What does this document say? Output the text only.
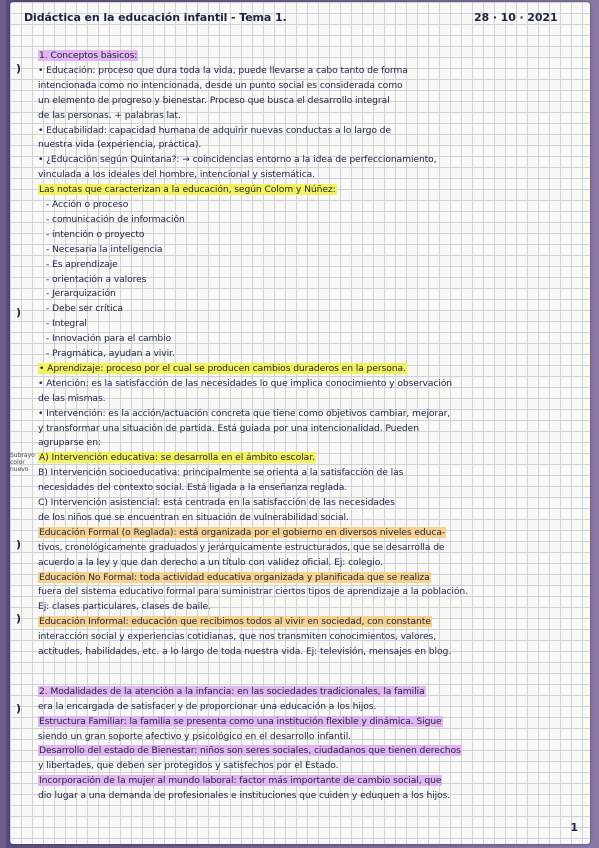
Didáctica en la educación infantil - Tema 1.	28 · 10 · 2021
)
)
)
)
)
Subrayo
color
nuevo
1. Conceptos básicos:
• Educación: proceso que dura toda la vida, puede llevarse a cabo tanto de forma
intencionada como no intencionada, desde un punto social es considerada como
un elemento de progreso y bienestar. Proceso que busca el desarrollo integral
de las personas. + palabras lat.
• Educabilidad: capacidad humana de adquirir nuevas conductas a lo largo de
nuestra vida (experiencia, práctica).
• ¿Educación según Quintana?: → coincidencias entorno a la idea de perfeccionamiento,
vinculada a los ideales del hombre, intencional y sistemática.
Las notas que caracterizan a la educación, según Colom y Núñez:
- Acción o proceso
- comunicación de información
- intención o proyecto
- Necesaria la inteligencia
- Es aprendizaje
- orientación a valores
- Jerarquización
- Debe ser crítica
- Integral
- Innovación para el cambio
- Pragmática, ayudan a vivir.
• Aprendizaje: proceso por el cual se producen cambios duraderos en la persona.
• Atención: es la satisfacción de las necesidades lo que implica conocimiento y observación
de las mismas.
• Intervención: es la acción/actuación concreta que tiene como objetivos cambiar, mejorar,
y transformar una situación de partida. Está guiada por una intencionalidad. Pueden
agruparse en:
A) Intervención educativa: se desarrolla en el ámbito escolar.
B) Intervención socioeducativa: principalmente se orienta a la satisfacción de las
necesidades del contexto social. Está ligada a la enseñanza reglada.
C) Intervención asistencial: está centrada en la satisfacción de las necesidades
de los niños que se encuentran en situación de vulnerabilidad social.
Educación Formal (o Reglada): está organizada por el gobierno en diversos niveles educa-
tivos, cronológicamente graduados y jerárquicamente estructurados, que se desarrolla de
acuerdo a la ley y que dan derecho a un título con validez oficial. Ej: colegio.
Educación No Formal: toda actividad educativa organizada y planificada que se realiza
fuera del sistema educativo formal para suministrar ciertos tipos de aprendizaje a la población.
Ej: clases particulares, clases de baile.
Educación Informal: educación que recibimos todos al vivir en sociedad, con constante
interacción social y experiencias cotidianas, que nos transmiten conocimientos, valores,
actitudes, habilidades, etc. a lo largo de toda nuestra vida. Ej: televisión, mensajes en blog.
2. Modalidades de la atención a la infancia: en las sociedades tradicionales, la familia
era la encargada de satisfacer y de proporcionar una educación a los hijos.
Estructura Familiar: la familia se presenta como una institución flexible y dinámica. Sigue
siendo un gran soporte afectivo y psicológico en el desarrollo infantil.
Desarrollo del estado de Bienestar: niños son seres sociales, ciudadanos que tienen derechos
y libertades, que deben ser protegidos y satisfechos por el Estado.
Incorporación de la mujer al mundo laboral: factor más importante de cambio social, que
dio lugar a una demanda de profesionales e instituciones que cuiden y eduquen a los hijos.
1
